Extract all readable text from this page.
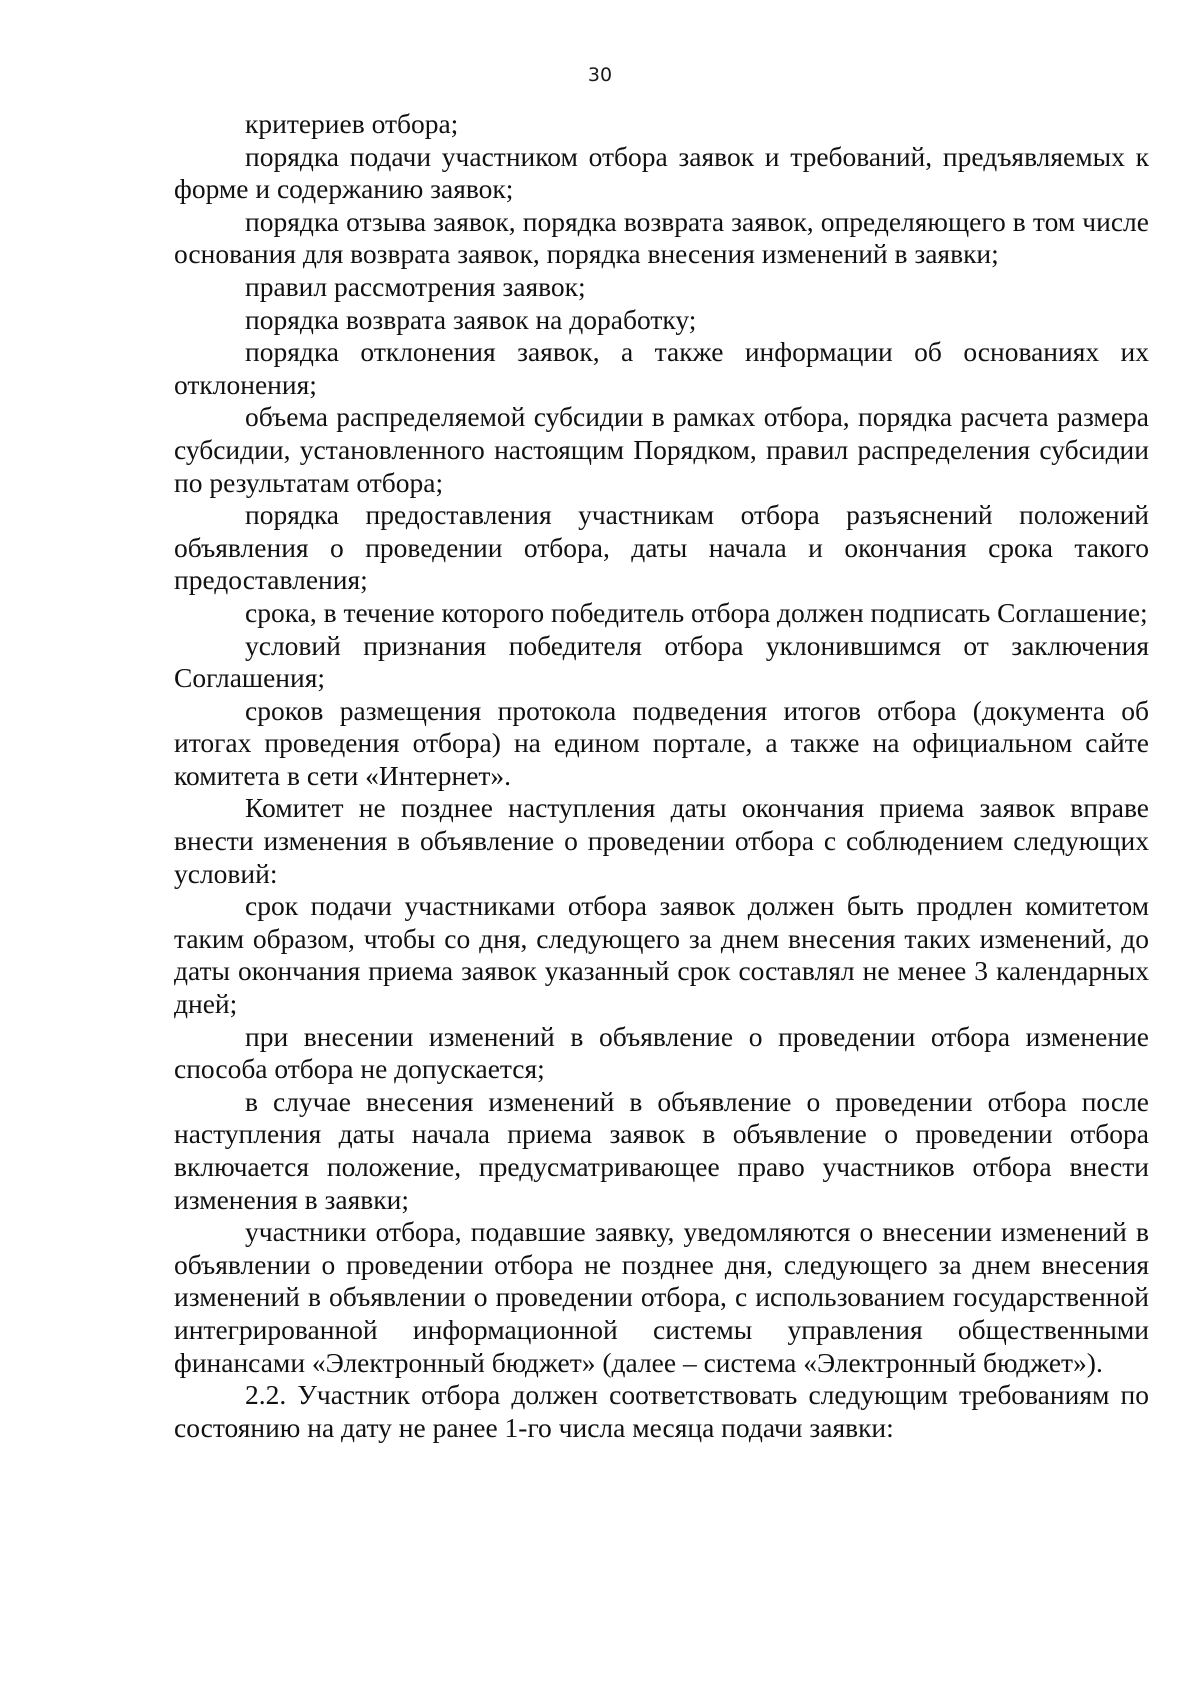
30

критериев отбора;

порядка подачи участником отбора заявок и требований, предъявляемых к форме и содержанию заявок;

порядка отзыва заявок, порядка возврата заявок, определяющего в том числе основания для возврата заявок, порядка внесения изменений в заявки;

правил рассмотрения заявок;

порядка возврата заявок на доработку;

порядка отклонения заявок, а также информации об основаниях их отклонения;

объема распределяемой субсидии в рамках отбора, порядка расчета размера субсидии, установленного настоящим Порядком, правил распределения субсидии по результатам отбора;

порядка предоставления участникам отбора разъяснений положений объявления о проведении отбора, даты начала и окончания срока такого предоставления;

срока, в течение которого победитель отбора должен подписать Соглашение;

условий признания победителя отбора уклонившимся от заключения Соглашения;

сроков размещения протокола подведения итогов отбора (документа об итогах проведения отбора) на едином портале, а также на официальном сайте комитета в сети «Интернет».

Комитет не позднее наступления даты окончания приема заявок вправе внести изменения в объявление о проведении отбора с соблюдением следующих условий:

срок подачи участниками отбора заявок должен быть продлен комитетом таким образом, чтобы со дня, следующего за днем внесения таких изменений, до даты окончания приема заявок указанный срок составлял не менее 3 календарных дней;

при внесении изменений в объявление о проведении отбора изменение способа отбора не допускается;

в случае внесения изменений в объявление о проведении отбора после наступления даты начала приема заявок в объявление о проведении отбора включается положение, предусматривающее право участников отбора внести изменения в заявки;

участники отбора, подавшие заявку, уведомляются о внесении изменений в объявлении о проведении отбора не позднее дня, следующего за днем внесения изменений в объявлении о проведении отбора, с использованием государственной интегрированной информационной системы управления общественными финансами «Электронный бюджет» (далее – система «Электронный бюджет»).

2.2. Участник отбора должен соответствовать следующим требованиям по состоянию на дату не ранее 1-го числа месяца подачи заявки:
